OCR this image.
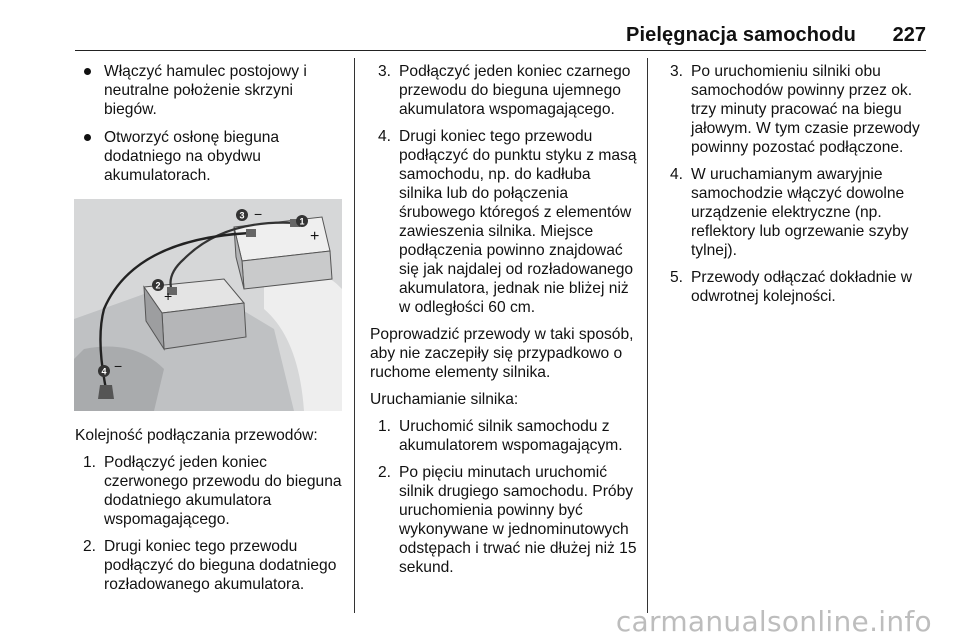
Pielęgnacja samochodu 227
Włączyć hamulec postojowy i neutralne położenie skrzyni biegów.
Otworzyć osłonę bieguna dodatniego na obydwu akumulatorach.
1
2
3
4
+
+
−
−
Kolejność podłączania przewodów:
1. Podłączyć jeden koniec czerwonego przewodu do bieguna dodatniego akumulatora wspomagającego.
2. Drugi koniec tego przewodu podłączyć do bieguna dodatniego rozładowanego akumulatora.
3. Podłączyć jeden koniec czarnego przewodu do bieguna ujemnego akumulatora wspomagającego.
4. Drugi koniec tego przewodu podłączyć do punktu styku z masą samochodu, np. do kadłuba silnika lub do połączenia śrubowego któregoś z elementów zawieszenia silnika. Miejsce podłączenia powinno znajdować się jak najdalej od rozładowanego akumulatora, jednak nie bliżej niż w odległości 60 cm.
Poprowadzić przewody w taki sposób, aby nie zaczepiły się przypadkowo o ruchome elementy silnika.
Uruchamianie silnika:
1. Uruchomić silnik samochodu z akumulatorem wspomagającym.
2. Po pięciu minutach uruchomić silnik drugiego samochodu. Próby uruchomienia powinny być wykonywane w jednominutowych odstępach i trwać nie dłużej niż 15 sekund.
3. Po uruchomieniu silniki obu samochodów powinny przez ok. trzy minuty pracować na biegu jałowym. W tym czasie przewody powinny pozostać podłączone.
4. W uruchamianym awaryjnie samochodzie włączyć dowolne urządzenie elektryczne (np. reflektory lub ogrzewanie szyby tylnej).
5. Przewody odłączać dokładnie w odwrotnej kolejności.
carmanualsonline.info
